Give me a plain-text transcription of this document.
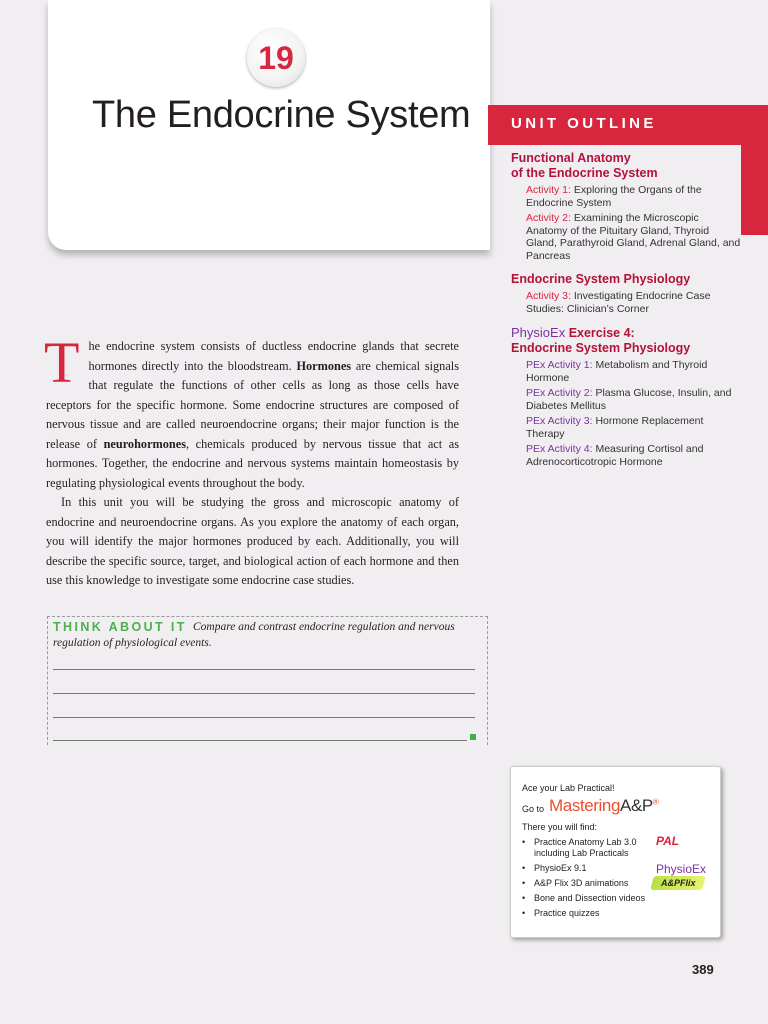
19
The Endocrine System	UNIT OUTLINE
Functional Anatomy
of the Endocrine System
Activity 1: Exploring the Organs of the Endocrine System
Activity 2: Examining the Microscopic Anatomy of the Pituitary Gland, Thyroid Gland, Parathyroid Gland, Adrenal Gland, and Pancreas
Endocrine System Physiology
Activity 3: Investigating Endocrine Case Studies: Clinician’s Corner
PhysioEx Exercise 4:
Endocrine System Physiology
PEx Activity 1: Metabolism and Thyroid Hormone
PEx Activity 2: Plasma Glucose, Insulin, and Diabetes Mellitus
PEx Activity 3: Hormone Replacement Therapy
PEx Activity 4: Measuring Cortisol and Adrenocorticotropic Hormone

The endocrine system consists of ductless endocrine glands that secrete hormones directly into the bloodstream. Hormones are chemical signals that regulate the functions of other cells as long as those cells have receptors for the specific hormone. Some endocrine structures are composed of nervous tissue and are called neuroendocrine organs; their major function is the release of neurohormones, chemicals produced by nervous tissue that act as hormones. Together, the endocrine and nervous systems maintain homeostasis by regulating physiological events throughout the body.

In this unit you will be studying the gross and microscopic anatomy of endocrine and neuroendocrine organs. As you explore the anatomy of each organ, you will identify the major hormones produced by each. Additionally, you will describe the specific source, target, and biological action of each hormone and then use this knowledge to investigate some endocrine case studies.

Compare and contrast endocrine regulation and nervous regulation of physiological events.
THINK ABOUT IT
Ace your Lab Practical!
Go to MasteringA&P®
There you will find:
• Practice Anatomy Lab 3.0 including Lab Practicals
• PhysioEx 9.1
• A&P Flix 3D animations
• Bone and Dissection videos
• Practice quizzes
PAL
PhysioEx
A&PFlix
389
